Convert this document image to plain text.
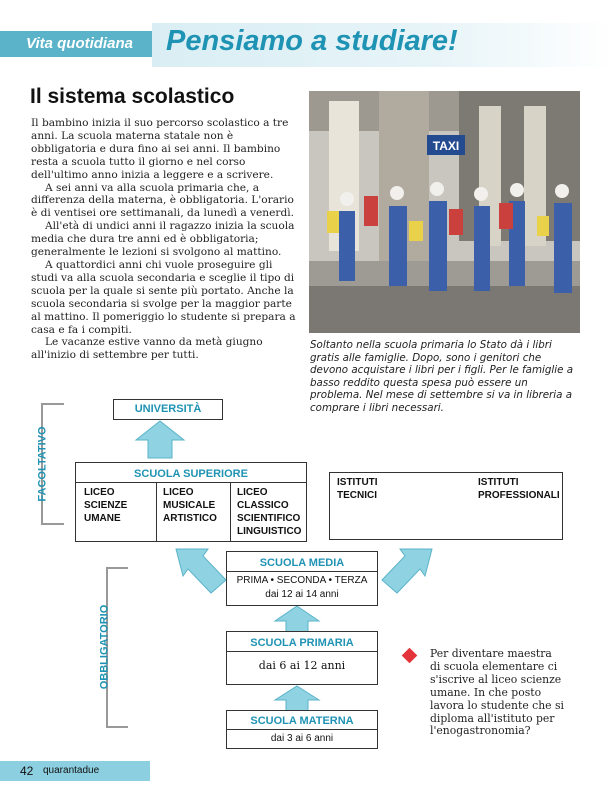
Vita quotidiana Pensiamo a studiare!
Il sistema scolastico

Il bambino inizia il suo percorso scolastico a tre anni. La scuola materna statale non è obbligatoria e dura fino ai sei anni. Il bambino resta a scuola tutto il giorno e nel corso dell'ultimo anno inizia a leggere e a scrivere.

A sei anni va alla scuola primaria che, a differenza della materna, è obbligatoria. L'orario è di ventisei ore settimanali, da lunedì a venerdì.

All'età di undici anni il ragazzo inizia la scuola media che dura tre anni ed è obbligatoria; generalmente le lezioni si svolgono al mattino.

A quattordici anni chi vuole proseguire gli studi va alla scuola secondaria e sceglie il tipo di scuola per la quale si sente più portato. Anche la scuola secondaria si svolge per la maggior parte al mattino. Il pomeriggio lo studente si prepara a casa e fa i compiti.

Le vacanze estive vanno da metà giugno all'inizio di settembre per tutti.

TAXI
Soltanto nella scuola primaria lo Stato dà i libri gratis alle famiglie. Dopo, sono i genitori che devono acquistare i libri per i figli. Per le famiglie a basso reddito questa spesa può essere un problema. Nel mese di settembre si va in libreria a comprare i libri necessari.
FACOLTATIVO
OBBLIGATORIO
UNIVERSITÀ
SCUOLA SUPERIORE
LICEO
SCIENZE
UMANE
LICEO
MUSICALE
ARTISTICO
LICEO
CLASSICO
SCIENTIFICO
LINGUISTICO
ISTITUTI
TECNICI
ISTITUTI
PROFESSIONALI
SCUOLA MEDIA
PRIMA • SECONDA • TERZA
dai 12 ai 14 anni
SCUOLA PRIMARIA
dai 6 ai 12 anni
SCUOLA MATERNA
dai 3 ai 6 anni
Per diventare maestra di scuola elementare ci s'iscrive al liceo scienze umane. In che posto lavora lo studente che si diploma all'istituto per l'enogastronomia?
42 quarantadue
